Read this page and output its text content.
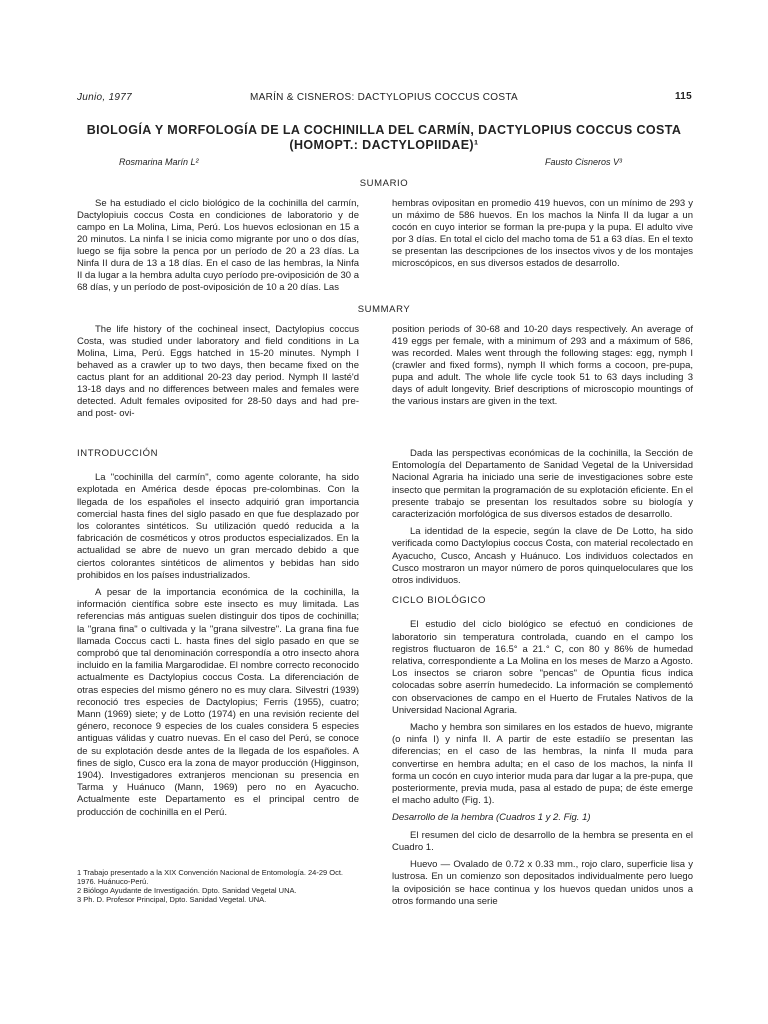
Junio, 1977	MARÍN & CISNEROS: DACTYLOPIUS COCCUS COSTA	115
BIOLOGÍA Y MORFOLOGÍA DE LA COCHINILLA DEL CARMÍN, DACTYLOPIUS COCCUS COSTA
(HOMOPT.: DACTYLOPIIDAE)¹
Rosmarina Marín L²	Fausto Cisneros V³
SUMARIO
Se ha estudiado el ciclo biológico de la cochinilla del carmín, Dactylopiuis coccus Costa en condiciones de laboratorio y de campo en La Molina, Lima, Perú. Los huevos eclosionan en 15 a 20 minutos. La ninfa I se inicia como migrante por uno o dos días, luego se fija sobre la penca por un período de 20 a 23 días. La Ninfa II dura de 13 a 18 días. En el caso de las hembras, la Ninfa II da lugar a la hembra adulta cuyo período pre-oviposición de 30 a 68 días, y un período de post-oviposición de 10 a 20 días. Las
hembras ovipositan en promedio 419 huevos, con un mínimo de 293 y un máximo de 586 huevos. En los machos la Ninfa II da lugar a un cocón en cuyo interior se forman la pre-pupa y la pupa. El adulto vive por 3 días. En total el ciclo del macho toma de 51 a 63 días. En el texto se presentan las descripciones de los insectos vivos y de los montajes microscópicos, en sus diversos estados de desarrollo.
SUMMARY
The life history of the cochineal insect, Dactylopius coccus Costa, was studied under laboratory and field conditions in La Molina, Lima, Perú. Eggs hatched in 15-20 minutes. Nymph I behaved as a crawler up to two days, then became fixed on the cactus plant for an additional 20-23 day period. Nymph II lasté'd 13-18 days and no differences between males and females were detected. Adult females oviposited for 28-50 days and had pre- and post- ovi-
position periods of 30-68 and 10-20 days respectively. An average of 419 eggs per female, with a minimum of 293 and a máximum of 586, was recorded. Males went through the following stages: egg, nymph I (crawler and fixed forms), nymph II which forms a cocoon, pre-pupa, pupa and adult. The whole life cycle took 51 to 63 days including 3 days of adult longevity. Brief descriptions of microscopio mountings of the various instars are given in the text.
INTRODUCCIÓN

La "cochinilla del carmín", como agente colorante, ha sido explotada en América desde épocas pre-colombinas. Con la llegada de los españoles el insecto adquirió gran importancia comercial hasta fines del siglo pasado en que fue desplazado por los colorantes sintéticos. Su utilización quedó reducida a la fabricación de cosméticos y otros productos especializados. En la actualidad se abre de nuevo un gran mercado debido a que ciertos colorantes sintéticos de alimentos y bebidas han sido prohibidos en los países industrializados.

A pesar de la importancia económica de la cochinilla, la información científica sobre este insecto es muy limitada. Las referencias más antiguas suelen distinguir dos tipos de cochinilla; la "grana fina" o cultivada y la "grana silvestre". La grana fina fue llamada Coccus cacti L. hasta fines del siglo pasado en que se comprobó que tal denominación correspondía a otro insecto ahora incluido en la familia Margarodidae. El nombre correcto reconocido actualmente es Dactylopius coccus Costa. La diferenciación de otras especies del mismo género no es muy clara. Silvestri (1939) reconoció tres especies de Dactylopius; Ferris (1955), cuatro; Mann (1969) siete; y de Lotto (1974) en una revisión reciente del género, reconoce 9 especies de los cuales considera 5 especies antiguas válidas y cuatro nuevas. En el caso del Perú, se conoce de su explotación desde antes de la llegada de los españoles. A fines de siglo, Cusco era la zona de mayor producción (Higginson, 1904). Investigadores extranjeros mencionan su presencia en Tarma y Huánuco (Mann, 1969) pero no en Ayacucho. Actualmente este Departamento es el principal centro de producción de cochinilla en el Perú.

1 Trabajo presentado a la XIX Convención Nacional de Entomología. 24-29 Oct. 1976. Huánuco-Perú.

2 Biólogo Ayudante de Investigación. Dpto. Sanidad Vegetal UNA.

3 Ph. D. Profesor Principal, Dpto. Sanidad Vegetal. UNA.

Dada las perspectivas económicas de la cochinilla, la Sección de Entomología del Departamento de Sanidad Vegetal de la Universidad Nacional Agraria ha iniciado una serie de investigaciones sobre este insecto que permitan la programación de su explotación eficiente. En el presente trabajo se presentan los resultados sobre su biología y caracterización morfológica de sus diversos estados de desarrollo.

La identidad de la especie, según la clave de De Lotto, ha sido verificada como Dactylopius coccus Costa, con material recolectado en Ayacucho, Cusco, Ancash y Huánuco. Los individuos colectados en Cusco mostraron un mayor número de poros quinqueloculares que los otros individuos.

CICLO BIOLÓGICO

El estudio del ciclo biológico se efectuó en condiciones de laboratorio sin temperatura controlada, cuando en el campo los registros fluctuaron de 16.5° a 21.° C, con 80 y 86% de humedad relativa, correspondiente a La Molina en los meses de Marzo a Agosto. Los insectos se criaron sobre "pencas" de Opuntia ficus indica colocadas sobre aserrín humedecido. La información se complementó con observaciones de campo en el Huerto de Frutales Nativos de la Universidad Nacional Agraria.

Macho y hembra son similares en los estados de huevo, migrante (o ninfa I) y ninfa II. A partir de este estadiío se presentan las diferencias; en el caso de las hembras, la ninfa II muda para convertirse en hembra adulta; en el caso de los machos, la ninfa II forma un cocón en cuyo interior muda para dar lugar a la pre-pupa, que posteriormente, previa muda, pasa al estado de pupa; de éste emerge el macho adulto (Fig. 1).

Desarrollo de la hembra (Cuadros 1 y 2. Fig. 1)

El resumen del ciclo de desarrollo de la hembra se presenta en el Cuadro 1.

Huevo — Ovalado de 0.72 x 0.33 mm., rojo claro, superficie lisa y lustrosa. En un comienzo son depositados individualmente pero luego la oviposición se hace continua y los huevos quedan unidos unos a otros formando una serie
